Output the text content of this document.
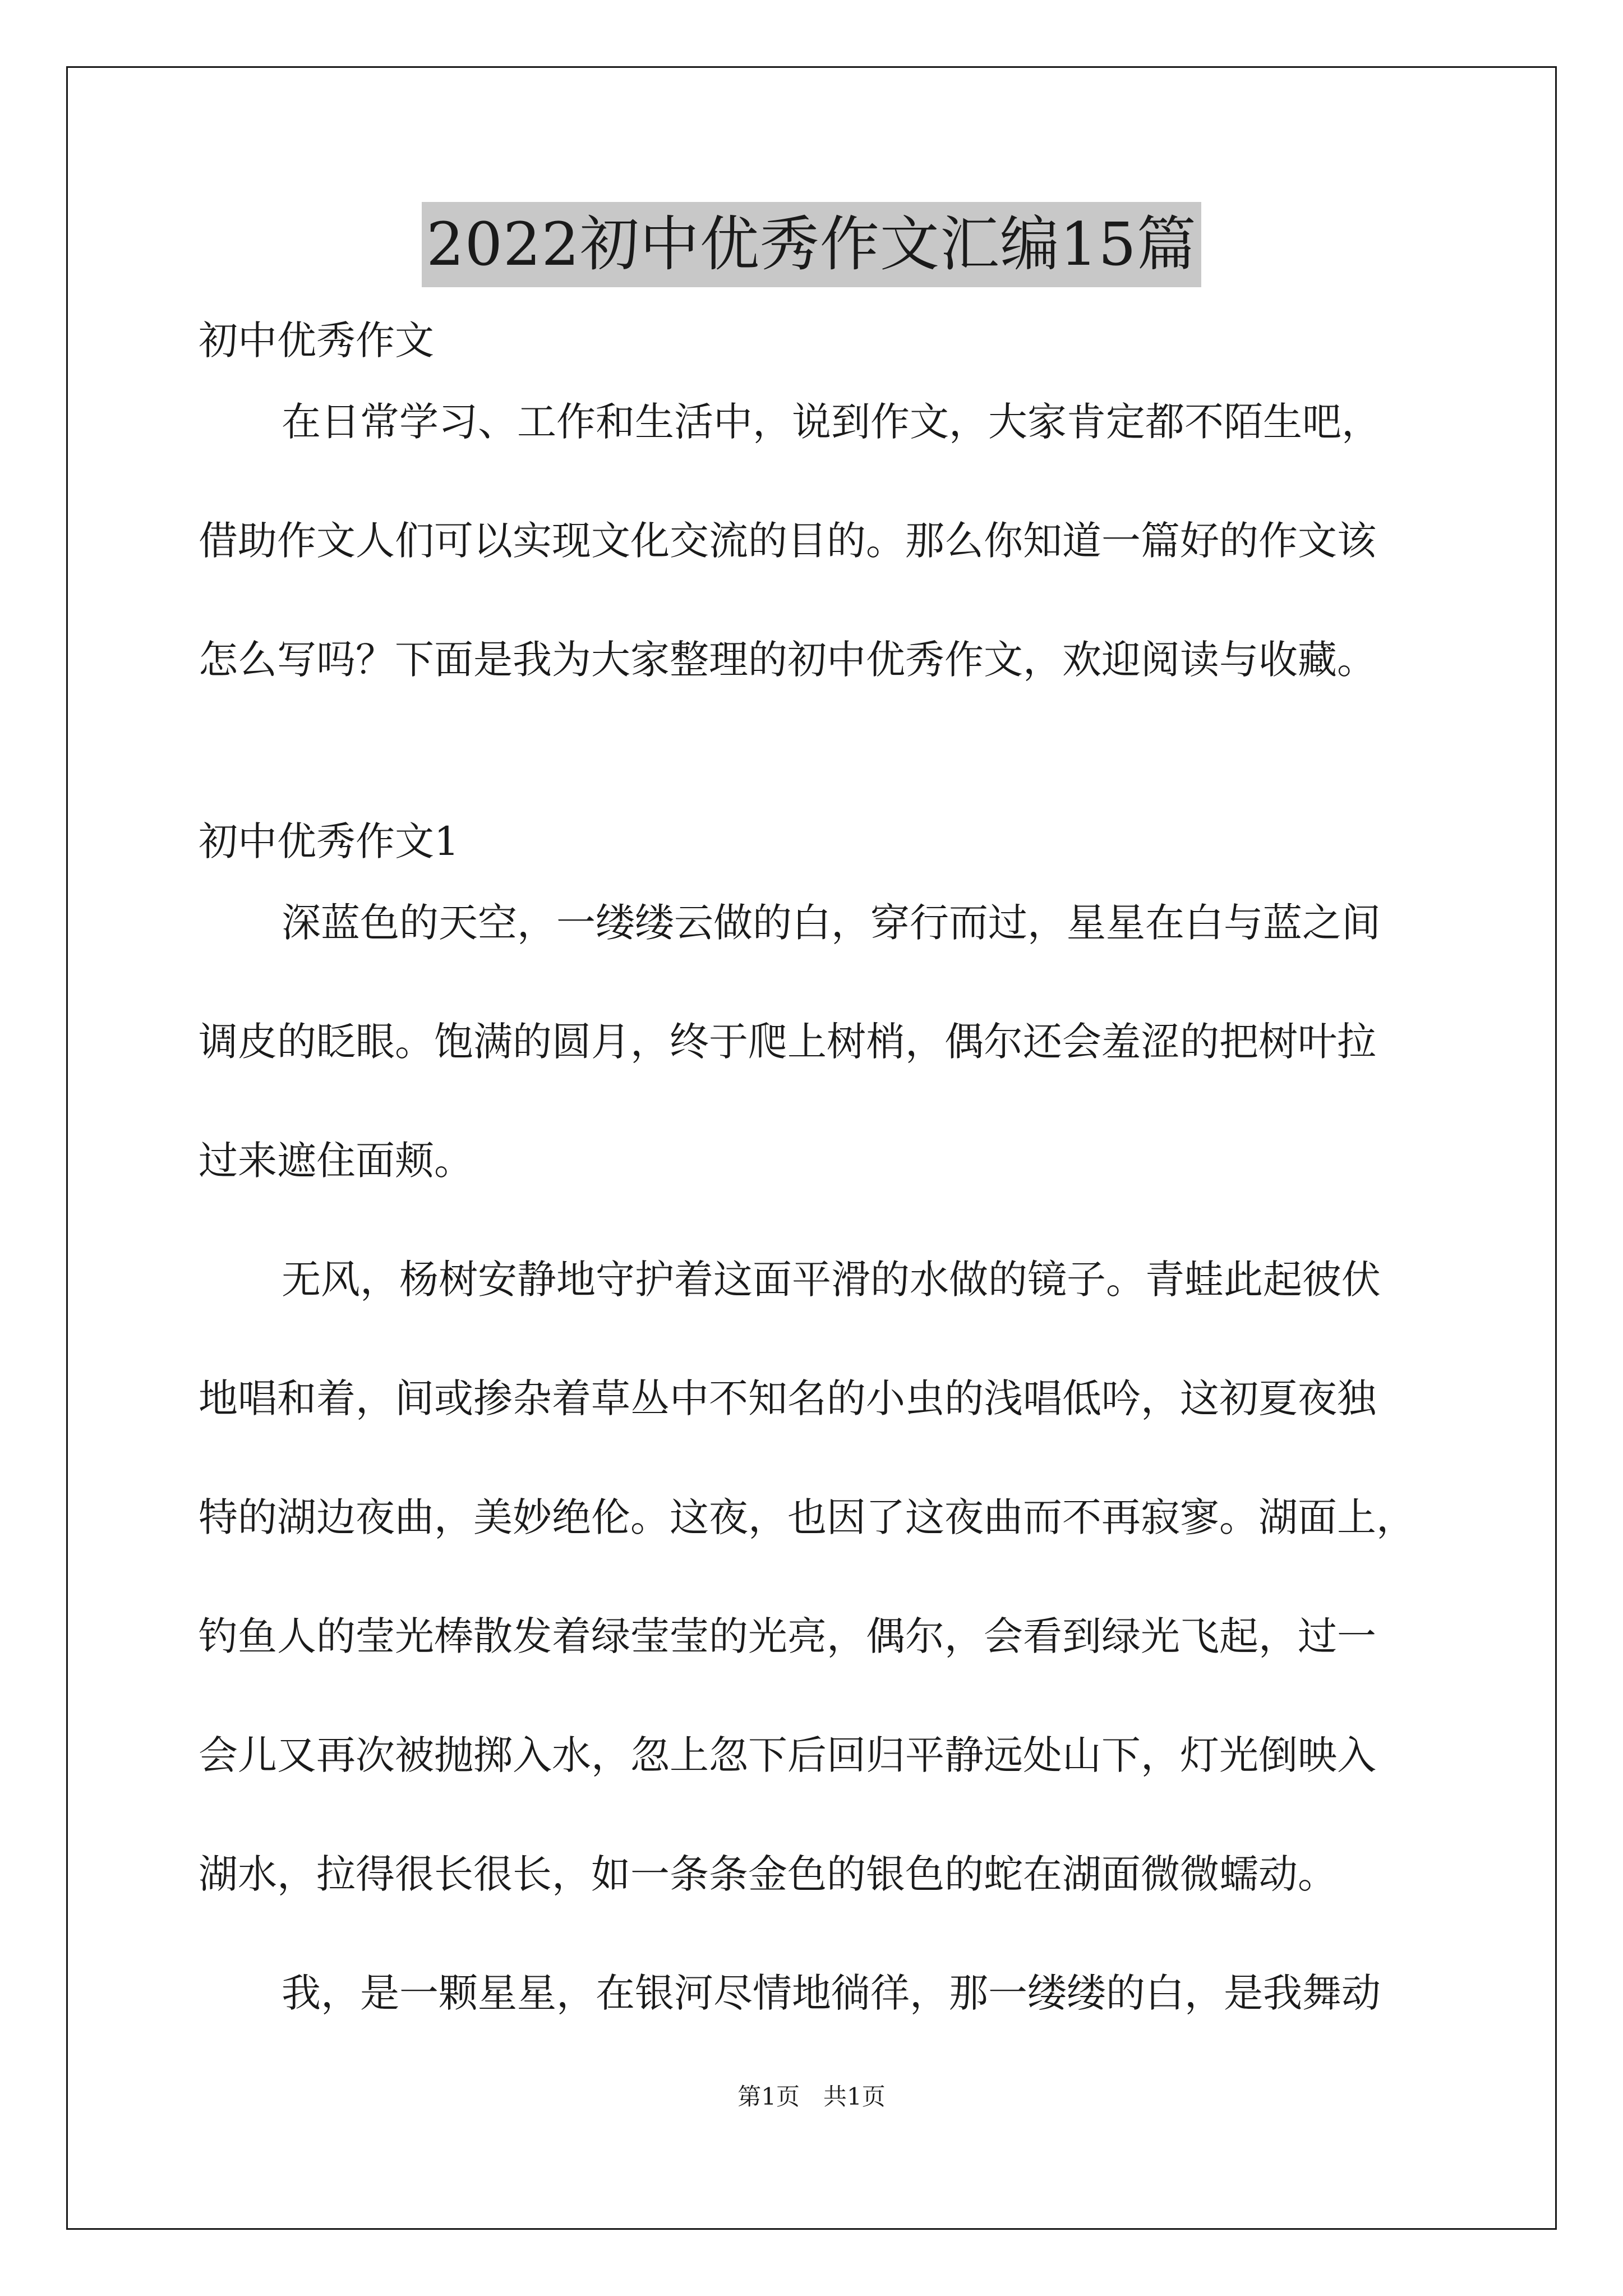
2022初中优秀作文汇编15篇
初中优秀作文
在日常学习、工作和生活中，说到作文，大家肯定都不陌生吧，
借助作文人们可以实现文化交流的目的。那么你知道一篇好的作文该
怎么写吗？下面是我为大家整理的初中优秀作文，欢迎阅读与收藏。
初中优秀作文1
深蓝色的天空，一缕缕云做的白，穿行而过，星星在白与蓝之间
调皮的眨眼。饱满的圆月，终于爬上树梢，偶尔还会羞涩的把树叶拉
过来遮住面颊。
无风，杨树安静地守护着这面平滑的水做的镜子。青蛙此起彼伏
地唱和着，间或掺杂着草丛中不知名的小虫的浅唱低吟，这初夏夜独
特的湖边夜曲，美妙绝伦。这夜，也因了这夜曲而不再寂寥。湖面上，
钓鱼人的莹光棒散发着绿莹莹的光亮，偶尔，会看到绿光飞起，过一
会儿又再次被抛掷入水，忽上忽下后回归平静远处山下，灯光倒映入
湖水，拉得很长很长，如一条条金色的银色的蛇在湖面微微蠕动。
我，是一颗星星，在银河尽情地徜徉，那一缕缕的白，是我舞动
第1页　共1页
